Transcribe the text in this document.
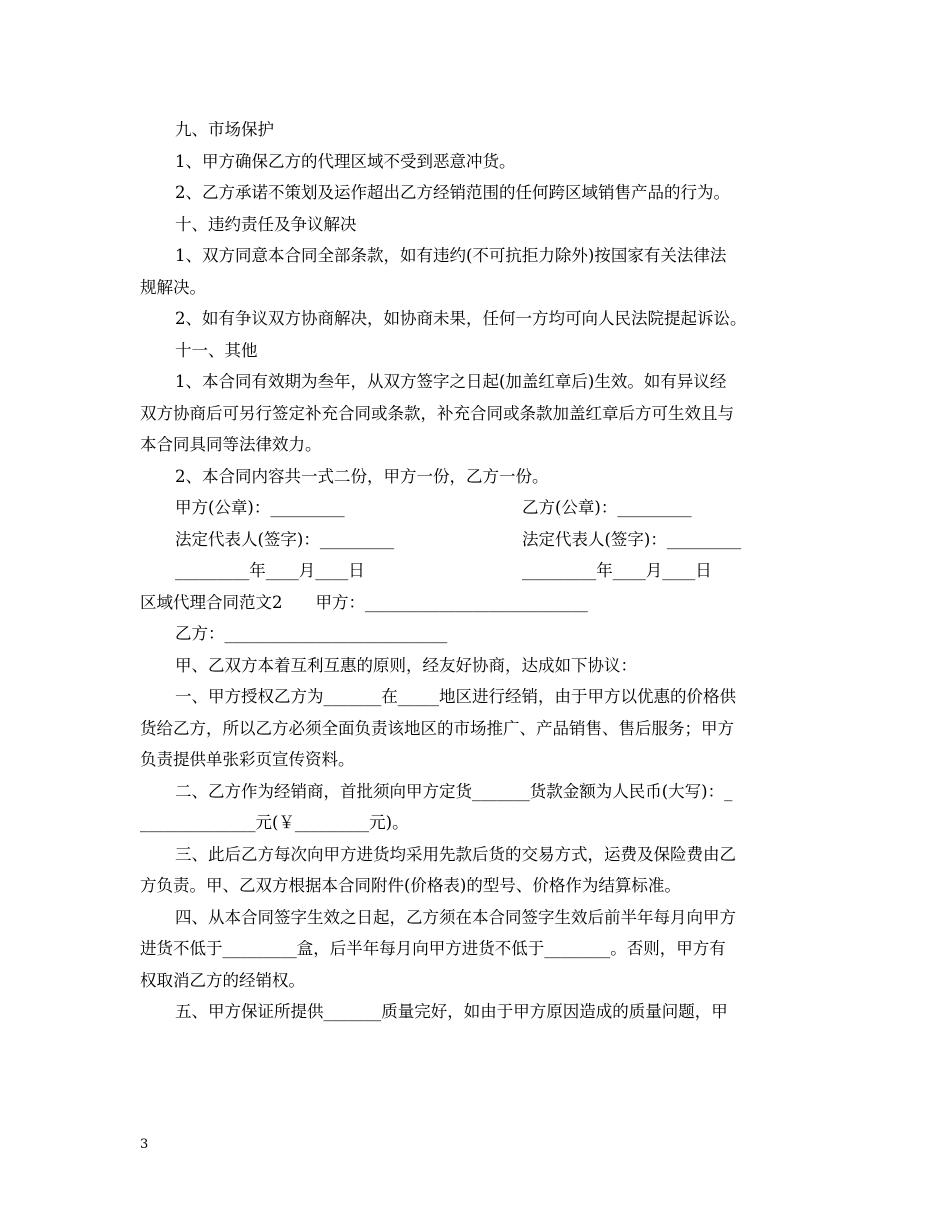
九、市场保护
1、甲方确保乙方的代理区域不受到恶意冲货。
2、乙方承诺不策划及运作超出乙方经销范围的任何跨区域销售产品的行为。
十、违约责任及争议解决
1、双方同意本合同全部条款，如有违约(不可抗拒力除外)按国家有关法律法
规解决。
2、如有争议双方协商解决，如协商未果，任何一方均可向人民法院提起诉讼。
十一、其他
1、本合同有效期为叁年，从双方签字之日起(加盖红章后)生效。如有异议经
双方协商后可另行签定补充合同或条款，补充合同或条款加盖红章后方可生效且与
本合同具同等法律效力。
2、本合同内容共一式二份，甲方一份，乙方一份。
甲方(公章)：_________	乙方(公章)：_________
法定代表人(签字)：_________	法定代表人(签字)：_________
_________年____月____日	_________年____月____日
区域代理合同范文2　　甲方：___________________________
乙方：___________________________
甲、乙双方本着互利互惠的原则，经友好协商，达成如下协议：
一、甲方授权乙方为_______在_____地区进行经销，由于甲方以优惠的价格供
货给乙方，所以乙方必须全面负责该地区的市场推广、产品销售、售后服务；甲方
负责提供单张彩页宣传资料。
二、乙方作为经销商，首批须向甲方定货_______货款金额为人民币(大写)：_
______________元(￥_________元)。
三、此后乙方每次向甲方进货均采用先款后货的交易方式，运费及保险费由乙
方负责。甲、乙双方根据本合同附件(价格表)的型号、价格作为结算标准。
四、从本合同签字生效之日起，乙方须在本合同签字生效后前半年每月向甲方
进货不低于_________盒，后半年每月向甲方进货不低于________。否则，甲方有
权取消乙方的经销权。
五、甲方保证所提供_______质量完好，如由于甲方原因造成的质量问题，甲
3
